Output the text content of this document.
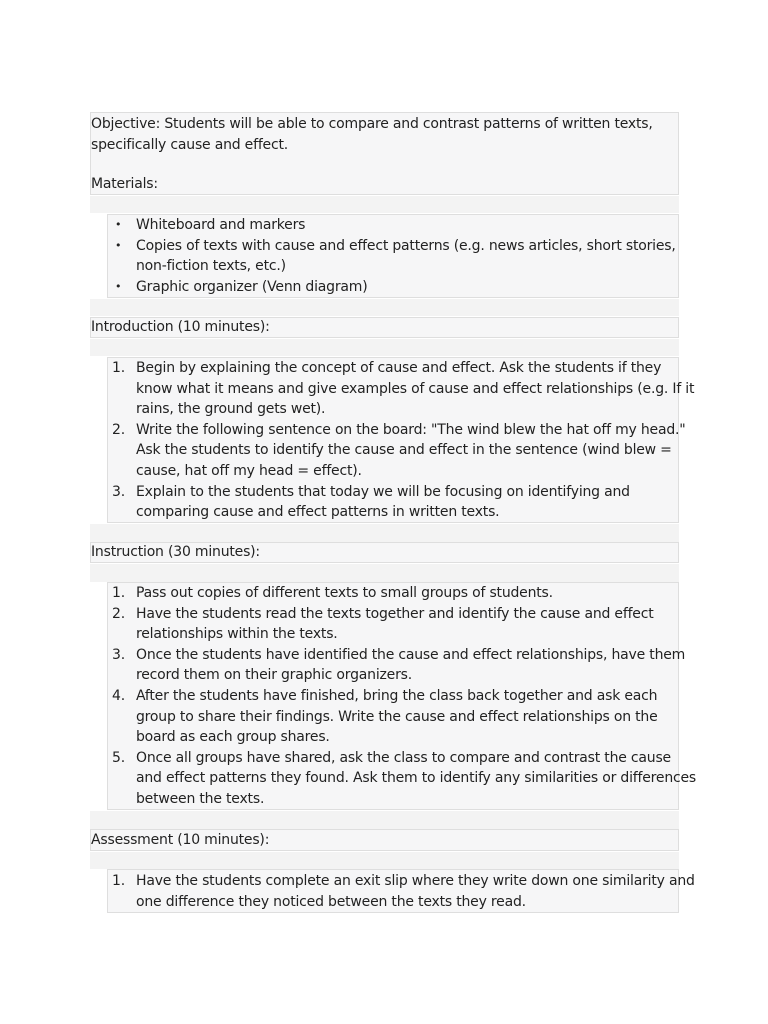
Objective: Students will be able to compare and contrast patterns of written texts,
specifically cause and effect.

Materials:

• Whiteboard and markers
• Copies of texts with cause and effect patterns (e.g. news articles, short stories,
non-fiction texts, etc.)
• Graphic organizer (Venn diagram)

Introduction (10 minutes):

1. Begin by explaining the concept of cause and effect. Ask the students if they
know what it means and give examples of cause and effect relationships (e.g. If it
rains, the ground gets wet).
2. Write the following sentence on the board: "The wind blew the hat off my head."
Ask the students to identify the cause and effect in the sentence (wind blew =
cause, hat off my head = effect).
3. Explain to the students that today we will be focusing on identifying and
comparing cause and effect patterns in written texts.

Instruction (30 minutes):

1. Pass out copies of different texts to small groups of students.
2. Have the students read the texts together and identify the cause and effect
relationships within the texts.
3. Once the students have identified the cause and effect relationships, have them
record them on their graphic organizers.
4. After the students have finished, bring the class back together and ask each
group to share their findings. Write the cause and effect relationships on the
board as each group shares.
5. Once all groups have shared, ask the class to compare and contrast the cause
and effect patterns they found. Ask them to identify any similarities or differences
between the texts.

Assessment (10 minutes):

1. Have the students complete an exit slip where they write down one similarity and
one difference they noticed between the texts they read.
